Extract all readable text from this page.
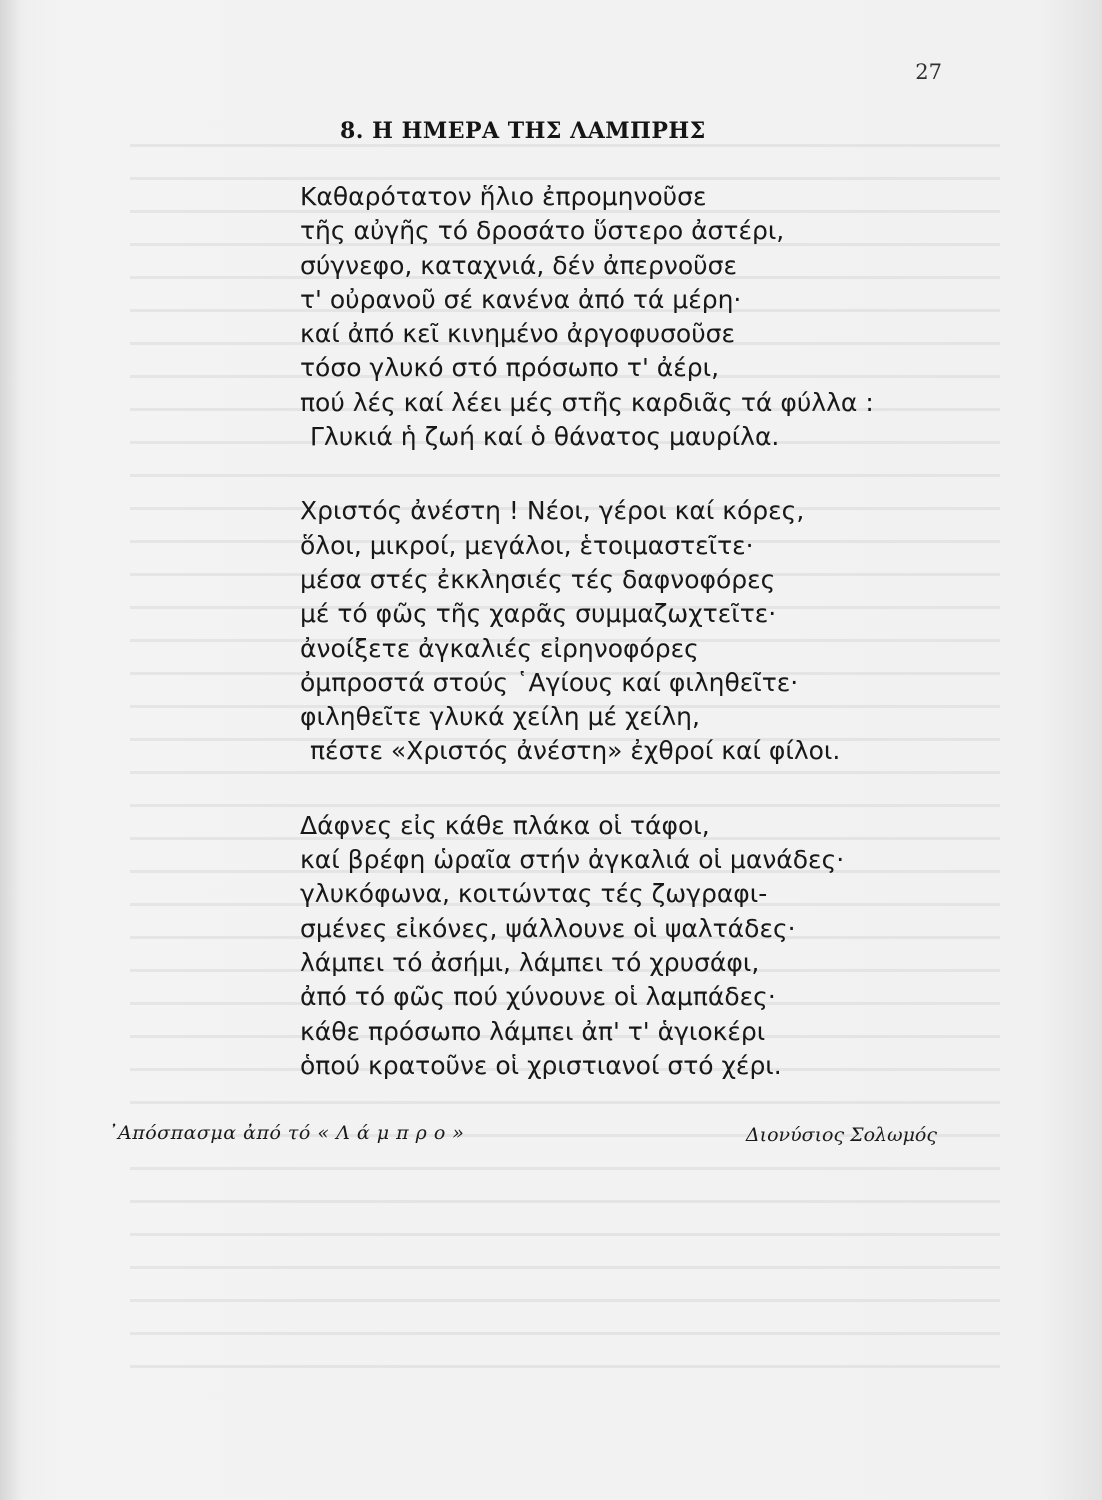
27
8. Η ΗΜΕΡΑ ΤΗΣ ΛΑΜΠΡΗΣ
Καθαρότατον ἥλιο ἐπρομηνοῦσε
τῆς αὐγῆς τό δροσάτο ὕστερο ἀστέρι,
σύγνεφο, καταχνιά, δέν ἀπερνοῦσε
τ' οὐρανοῦ σέ κανένα ἀπό τά μέρη·
καί ἀπό κεῖ κινημένο ἀργοφυσοῦσε
τόσο γλυκό στό πρόσωπο τ' ἀέρι,
πού λές καί λέει μές στῆς καρδιᾶς τά φύλλα :
Γλυκιά ἡ ζωή καί ὁ θάνατος μαυρίλα.
Χριστός ἀνέστη ! Νέοι, γέροι καί κόρες,
ὅλοι, μικροί, μεγάλοι, ἑτοιμαστεῖτε·
μέσα στές ἐκκλησιές τές δαφνοφόρες
μέ τό φῶς τῆς χαρᾶς συμμαζωχτεῖτε·
ἀνοίξετε ἀγκαλιές εἰρηνοφόρες
ὀμπροστά στούς ῾Αγίους καί φιληθεῖτε·
φιληθεῖτε γλυκά χείλη μέ χείλη,
πέστε «Χριστός ἀνέστη» ἐχθροί καί φίλοι.
Δάφνες εἰς κάθε πλάκα οἱ τάφοι,
καί βρέφη ὡραῖα στήν ἀγκαλιά οἱ μανάδες·
γλυκόφωνα, κοιτώντας τές ζωγραφι-
σμένες εἰκόνες, ψάλλουνε οἱ ψαλτάδες·
λάμπει τό ἀσήμι, λάμπει τό χρυσάφι,
ἀπό τό φῶς πού χύνουνε οἱ λαμπάδες·
κάθε πρόσωπο λάμπει ἀπ' τ' ἁγιοκέρι
ὁπού κρατοῦνε οἱ χριστιανοί στό χέρι.
᾿Απόσπασμα ἀπό τό « Λ ά μ π ρ ο »	Διονύσιος Σολωμός
